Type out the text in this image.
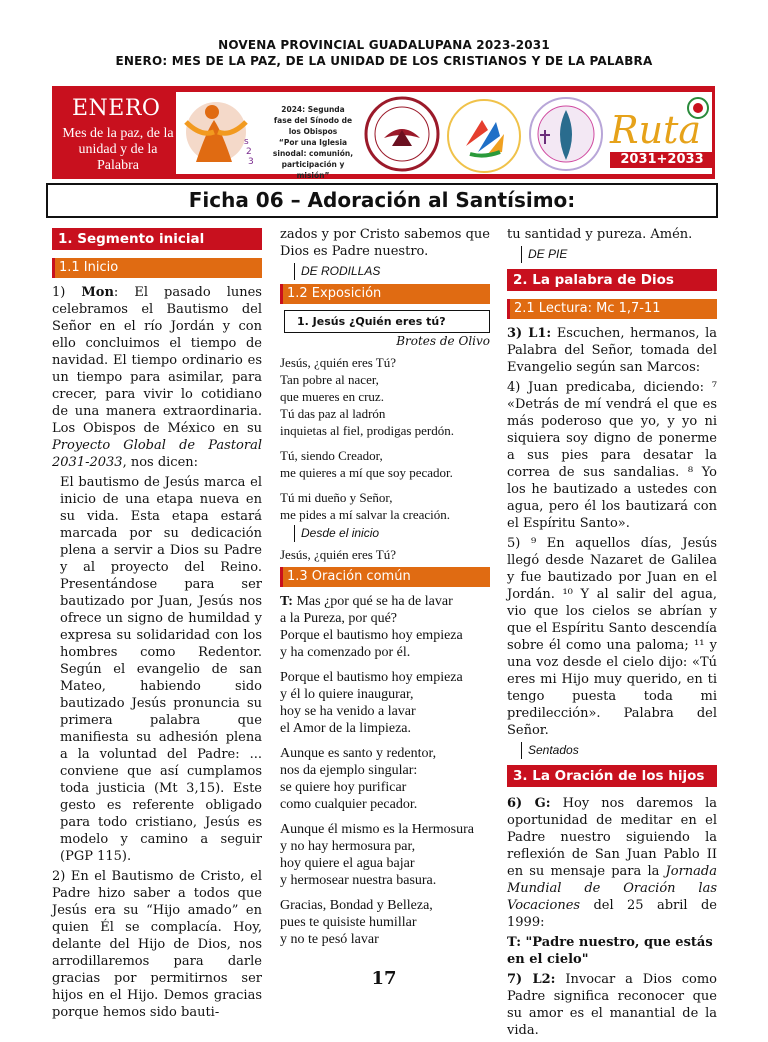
NOVENA PROVINCIAL GUADALUPANA 2023-2031
ENERO: MES DE LA PAZ, DE LA UNIDAD DE LOS CRISTIANOS Y DE LA PALABRA
ENERO
Mes de la paz, de la unidad y de la Palabra
s
2
3
2024: Segunda fase del Sínodo de los Obispos
“Por una Iglesia sinodal: comunión, participación y misión”
Ruta
2031+2033
Ficha 06 – Adoración al Santísimo:
1. Segmento inicial
1.1 Inicio

1) Mon: El pasado lunes celebramos el Bautismo del Señor en el río Jordán y con ello concluimos el tiempo de navidad. El tiempo ordinario es un tiempo para asimilar, para crecer, para vivir lo cotidiano de una manera extraordinaria. Los Obispos de México en su Proyecto Global de Pastoral 2031-2033, nos dicen:

El bautismo de Jesús marca el inicio de una etapa nueva en su vida. Esta etapa estará marcada por su dedicación plena a servir a Dios su Padre y al proyecto del Reino. Presentándose para ser bautizado por Juan, Jesús nos ofrece un signo de humildad y expresa su solidaridad con los hombres como Redentor. Según el evangelio de san Mateo, habiendo sido bautizado Jesús pronuncia su primera palabra que manifiesta su adhesión plena a la voluntad del Padre: ... conviene que así cumplamos toda justicia (Mt 3,15). Este gesto es referente obligado para todo cristiano, Jesús es modelo y camino a seguir (PGP 115).

2) En el Bautismo de Cristo, el Padre hizo saber a todos que Jesús era su “Hijo amado” en quien Él se complacía. Hoy, delante del Hijo de Dios, nos arrodillaremos para darle gracias por permitirnos ser hijos en el Hijo. Demos gracias porque hemos sido bauti-

zados y por Cristo sabemos que Dios es Padre nuestro.

DE RODILLAS
1.2 Exposición
1. Jesús ¿Quién eres tú?
Brotes de Olivo
Jesús, ¿quién eres Tú?
Tan pobre al nacer,
que mueres en cruz.
Tú das paz al ladrón
inquietas al fiel, prodigas perdón.
Tú, siendo Creador,
me quieres a mí que soy pecador.
Tú mi dueño y Señor,
me pides a mí salvar la creación.
Desde el inicio
Jesús, ¿quién eres Tú?
1.3 Oración común
T: Mas ¿por qué se ha de lavar
a la Pureza, por qué?
Porque el bautismo hoy empieza
y ha comenzado por él.
Porque el bautismo hoy empieza
y él lo quiere inaugurar,
hoy se ha venido a lavar
el Amor de la limpieza.
Aunque es santo y redentor,
nos da ejemplo singular:
se quiere hoy purificar
como cualquier pecador.
Aunque él mismo es la Hermosura
y no hay hermosura par,
hoy quiere el agua bajar
y hermosear nuestra basura.
Gracias, Bondad y Belleza,
pues te quisiste humillar
y no te pesó lavar

tu santidad y pureza. Amén.

DE PIE
2. La palabra de Dios
2.1 Lectura: Mc 1,7-11

3) L1: Escuchen, hermanos, la Palabra del Señor, tomada del Evangelio según san Marcos:

4) Juan predicaba, diciendo: ⁷ «Detrás de mí vendrá el que es más poderoso que yo, y yo ni siquiera soy digno de ponerme a sus pies para desatar la correa de sus sandalias. ⁸ Yo los he bautizado a ustedes con agua, pero él los bautizará con el Espíritu Santo».

5) ⁹ En aquellos días, Jesús llegó desde Nazaret de Galilea y fue bautizado por Juan en el Jordán. ¹⁰ Y al salir del agua, vio que los cielos se abrían y que el Espíritu Santo descendía sobre él como una paloma; ¹¹ y una voz desde el cielo dijo: «Tú eres mi Hijo muy querido, en ti tengo puesta toda mi predilección». Palabra del Señor.

Sentados
3. La Oración de los hijos

6) G: Hoy nos daremos la oportunidad de meditar en el Padre nuestro siguiendo la reflexión de San Juan Pablo II en su mensaje para la Jornada Mundial de Oración las Vocaciones del 25 abril de 1999:

T: "Padre nuestro, que estás en el cielo"

7) L2: Invocar a Dios como Padre significa reconocer que su amor es el manantial de la vida.

17
